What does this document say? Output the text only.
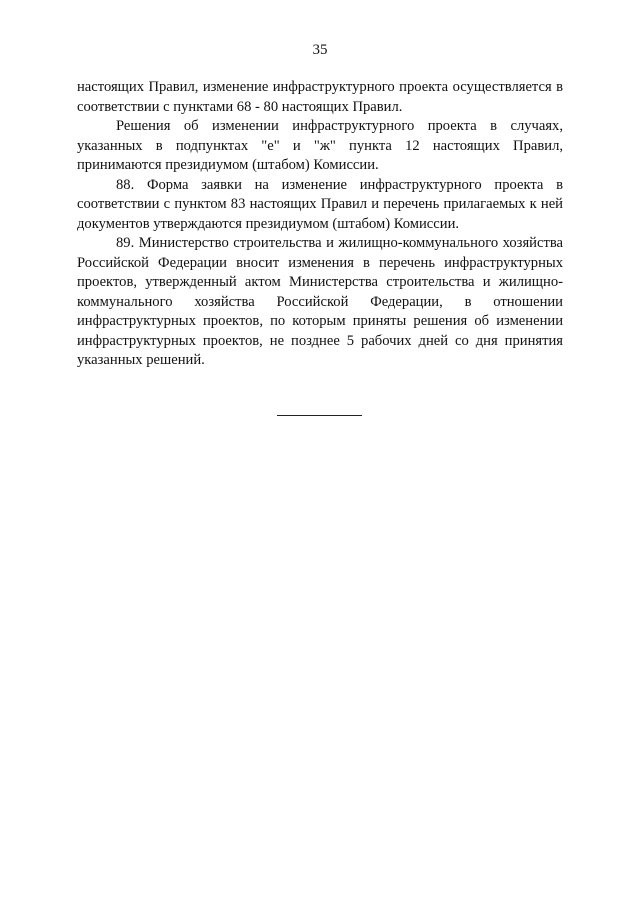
35

настоящих Правил, изменение инфраструктурного проекта осуществляется в соответствии с пунктами 68 - 80 настоящих Правил.

Решения об изменении инфраструктурного проекта в случаях, указанных в подпунктах "е" и "ж" пункта 12 настоящих Правил, принимаются президиумом (штабом) Комиссии.

88. Форма заявки на изменение инфраструктурного проекта в соответствии с пунктом 83 настоящих Правил и перечень прилагаемых к ней документов утверждаются президиумом (штабом) Комиссии.

89. Министерство строительства и жилищно-коммунального хозяйства Российской Федерации вносит изменения в перечень инфраструктурных проектов, утвержденный актом Министерства строительства и жилищно-коммунального хозяйства Российской Федерации, в отношении инфраструктурных проектов, по которым приняты решения об изменении инфраструктурных проектов, не позднее 5 рабочих дней со дня принятия указанных решений.
